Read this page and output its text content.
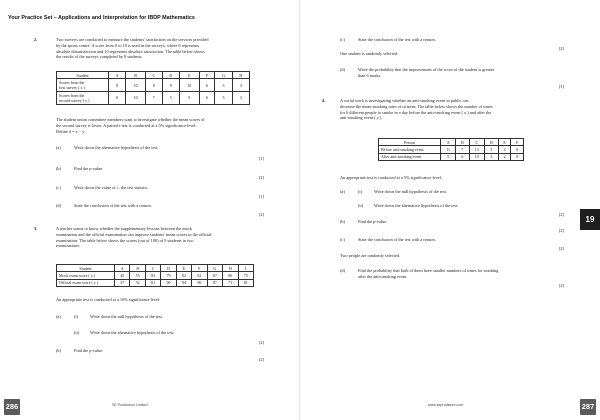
Your Practice Set – Applications and Interpretation for IBDP Mathematics
2.	Two surveys are conducted to measure the students' satisfaction on the services provided
by the sports centre. A score from 0 to 10 is used in the surveys, where 0 represents
absolute dissatisfaction and 10 represents absolute satisfaction. The table below shows
the results of the surveys completed by 8 students.
Student	A	B	C	D	E	F	G	H

Scores from the
first survey ( x )	8	10	8	9	10	6	3	3

Scores from the
second survey ( y )	6	10	7	5	9	6	5	3
The student union committee members want to investigate whether the mean scores of
the second survey is lower. A paired t-test is conducted at a 5% significance level.
Define d = x − y .
(a)	Write down the alternative hypothesis of the test.
[1]
(b)	Find the p-value.
[2]
(c)	Write down the value of t , the test statistic.
[1]
(d)	State the conclusion of the test with a reason.
[2]
3.	A teacher wants to know whether the supplementary lessons between the mock
examination and the official examination can improve students' mean scores in the official
examination. The table below shows the scores (out of 100) of 9 students in two
examinations:
Student	A	B	C	D	E	F	G	H	I
Mock exam score ( x )	45	55	83	79	82	62	67	80	75
Official exam score ( y )	37	52	61	90	94	96	87	71	81
An appropriate test is conducted at a 10% significance level.
(a)	(i)	Write down the null hypothesis of the test.
(ii)	Write down the alternative hypothesis of the test.
[2]
(b)	Find the p-value.
[2]
(c)	State the conclusion of the test with a reason.
[2]
One student is randomly selected.
(d)	Write the probability that the improvement of the score of the student is greater
than 6 marks.
[1]
4.	A social work is investigating whether an anti-smoking event in public can
decrease the mean smoking rates of citizens. The table below shows the number of times
for 6 different people to smoke in a day before the anti-smoking event ( x ) and after the
anti-smoking event ( y ).
Person	A	B	C	D	E	F
Before anti-smoking event	11	7	13	5	4	8
After anti-smoking event	5	6	10	3	2	8
An appropriate test is conducted at a 5% significance level.
(a)	(i)	Write down the null hypothesis of the test.
(ii)	Write down the alternative hypothesis of the test.
[2]
(b)	Find the p-value.
[2]
(c)	State the conclusion of the test with a reason.
[2]
Two people are randomly selected.
(d)	Find the probability that both of them have smaller numbers of times for smoking
after the anti-smoking event.
[2]
19
286	SE Production Limited	www.seprodstore.com	287
